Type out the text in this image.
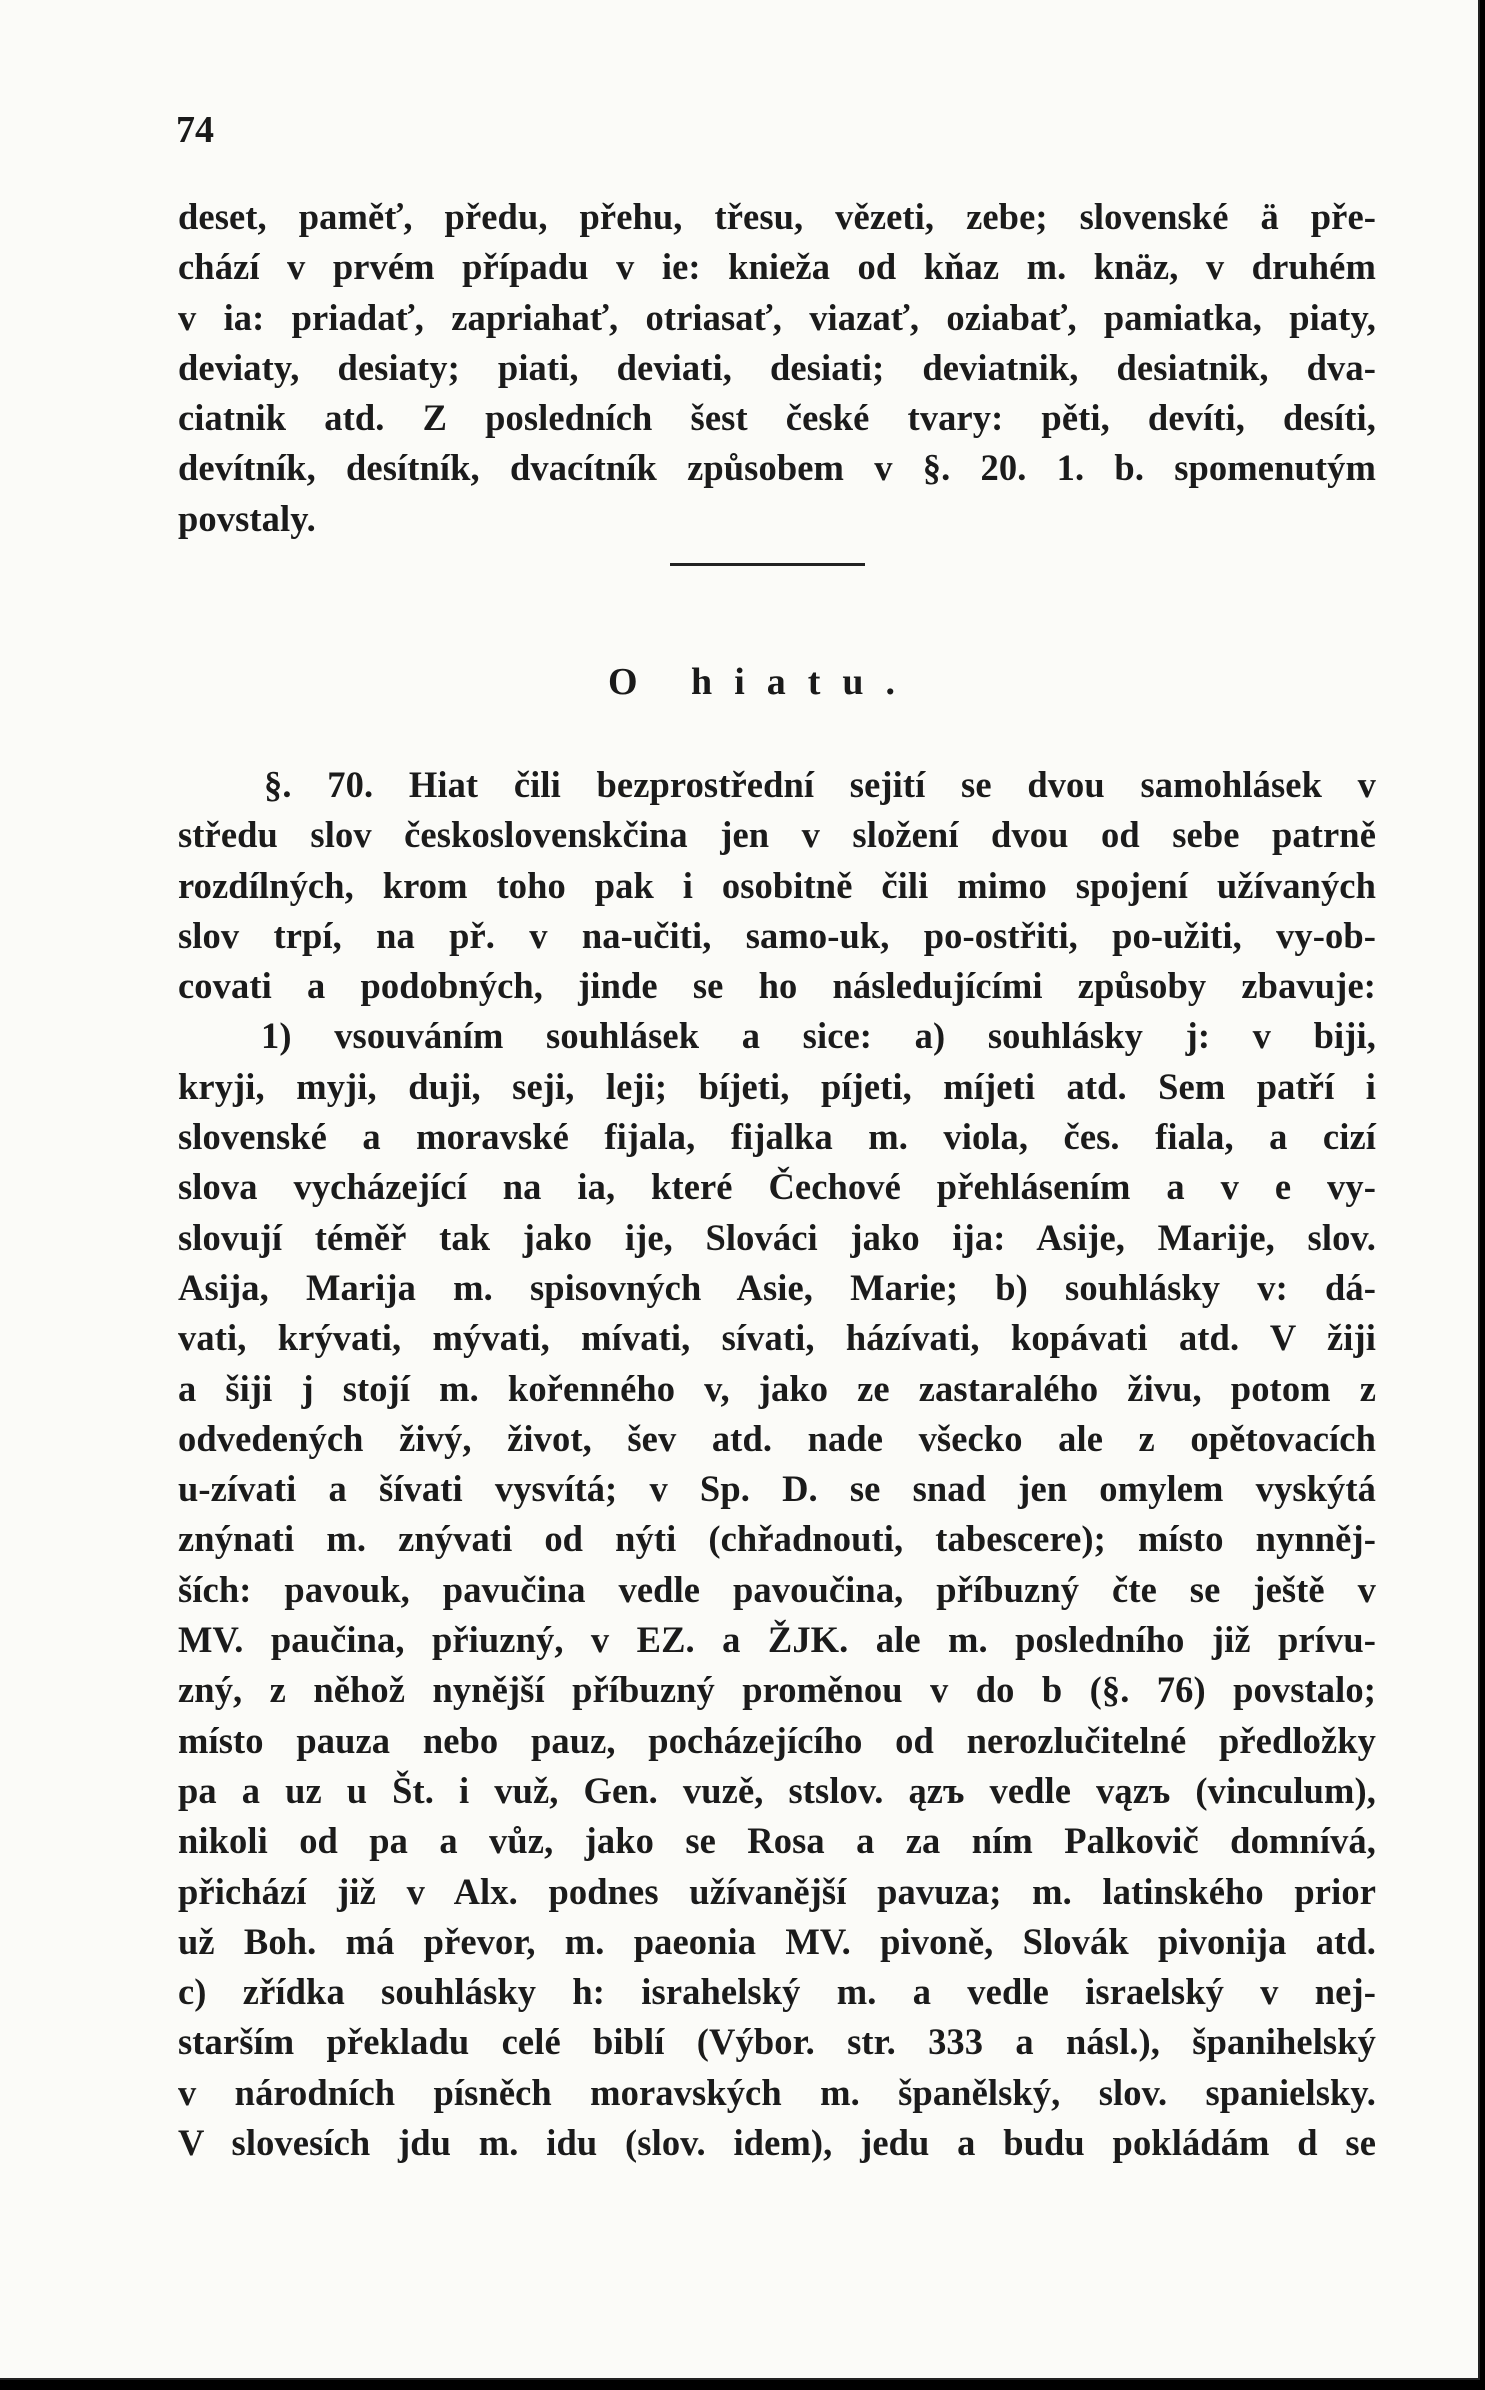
74
deset, paměť, předu, přehu, třesu, vězeti, zebe; slovenské ä pře-
chází v prvém případu v ie: knieža od kňaz m. knäz, v druhém
v ia: priadať, zapriahať, otriasať, viazať, oziabať, pamiatka, piaty,
deviaty, desiaty; piati, deviati, desiati; deviatnik, desiatnik, dva-
ciatnik atd. Z posledních šest české tvary: pěti, devíti, desíti,
devítník, desítník, dvacítník způsobem v §. 20. 1. b. spomenutým
povstaly.
O hiatu.
§. 70. Hiat čili bezprostřední sejití se dvou samohlásek v
středu slov československčina jen v složení dvou od sebe patrně
rozdílných, krom toho pak i osobitně čili mimo spojení užívaných
slov trpí, na př. v na-učiti, samo-uk, po-ostřiti, po-užiti, vy-ob-
covati a podobných, jinde se ho následujícími způsoby zbavuje:
1) vsouváním souhlásek a sice: a) souhlásky j: v biji,
kryji, myji, duji, seji, leji; bíjeti, píjeti, míjeti atd. Sem patří i
slovenské a moravské fijala, fijalka m. viola, čes. fiala, a cizí
slova vycházející na ia, které Čechové přehlásením a v e vy-
slovují téměř tak jako ije, Slováci jako ija: Asije, Marije, slov.
Asija, Marija m. spisovných Asie, Marie; b) souhlásky v: dá-
vati, krývati, mývati, mívati, sívati, házívati, kopávati atd. V žiji
a šiji j stojí m. kořenného v, jako ze zastaralého živu, potom z
odvedených živý, život, šev atd. nade všecko ale z opětovacích
u-zívati a šívati vysvítá; v Sp. D. se snad jen omylem vyskýtá
znýnati m. znývati od nýti (chřadnouti, tabescere); místo nynněj-
ších: pavouk, pavučina vedle pavoučina, příbuzný čte se ještě v
MV. paučina, přiuzný, v EZ. a ŽJK. ale m. posledního již prívu-
zný, z něhož nynější příbuzný proměnou v do b (§. 76) povstalo;
místo pauza nebo pauz, pocházejícího od nerozlučitelné předložky
pa a uz u Št. i vuž, Gen. vuzě, stslov. ązъ vedle vązъ (vinculum),
nikoli od pa a vůz, jako se Rosa a za ním Palkovič domnívá,
přichází již v Alx. podnes užívanější pavuza; m. latinského prior
už Boh. má převor, m. paeonia MV. pivoně, Slovák pivonija atd.
c) zřídka souhlásky h: israhelský m. a vedle israelský v nej-
starším překladu celé biblí (Výbor. str. 333 a násl.), španihelský
v národních písněch moravských m. španělský, slov. spanielsky.
V slovesích jdu m. idu (slov. idem), jedu a budu pokládám d se
